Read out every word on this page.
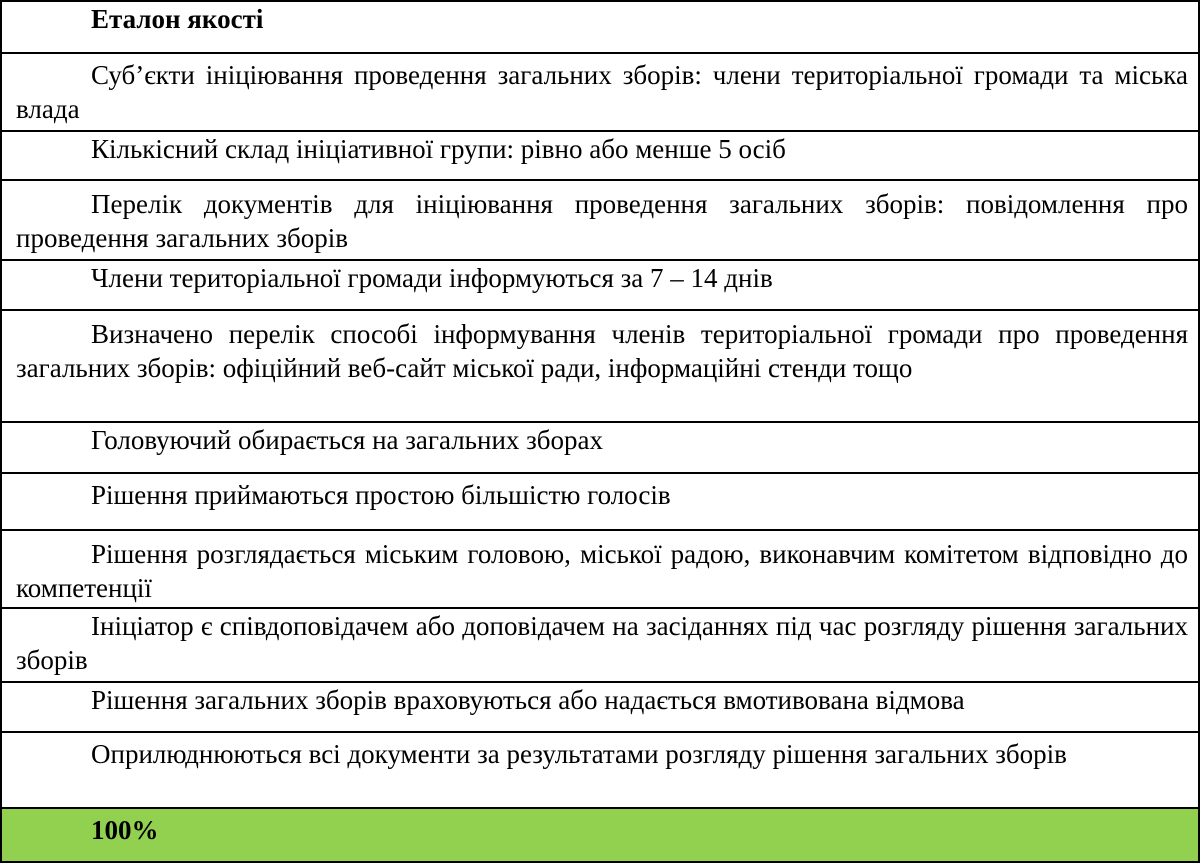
Еталон якості
Суб’єкти ініціювання проведення загальних зборів: члени територіальної громади та міська влада
Кількісний склад ініціативної групи: рівно або менше 5 осіб
Перелік документів для ініціювання проведення загальних зборів: повідомлення про проведення загальних зборів
Члени територіальної громади інформуються за 7 – 14 днів
Визначено перелік способі інформування членів територіальної громади про проведення загальних зборів: офіційний веб-сайт міської ради, інформаційні стенди тощо
Головуючий обирається на загальних зборах
Рішення приймаються простою більшістю голосів
Рішення розглядається міським головою, міської радою, виконавчим комітетом відповідно до компетенції
Ініціатор є співдоповідачем або доповідачем на засіданнях під час розгляду рішення загальних зборів
Рішення загальних зборів враховуються або надається вмотивована відмова
Оприлюднюються всі документи за результатами розгляду рішення загальних зборів
100%
